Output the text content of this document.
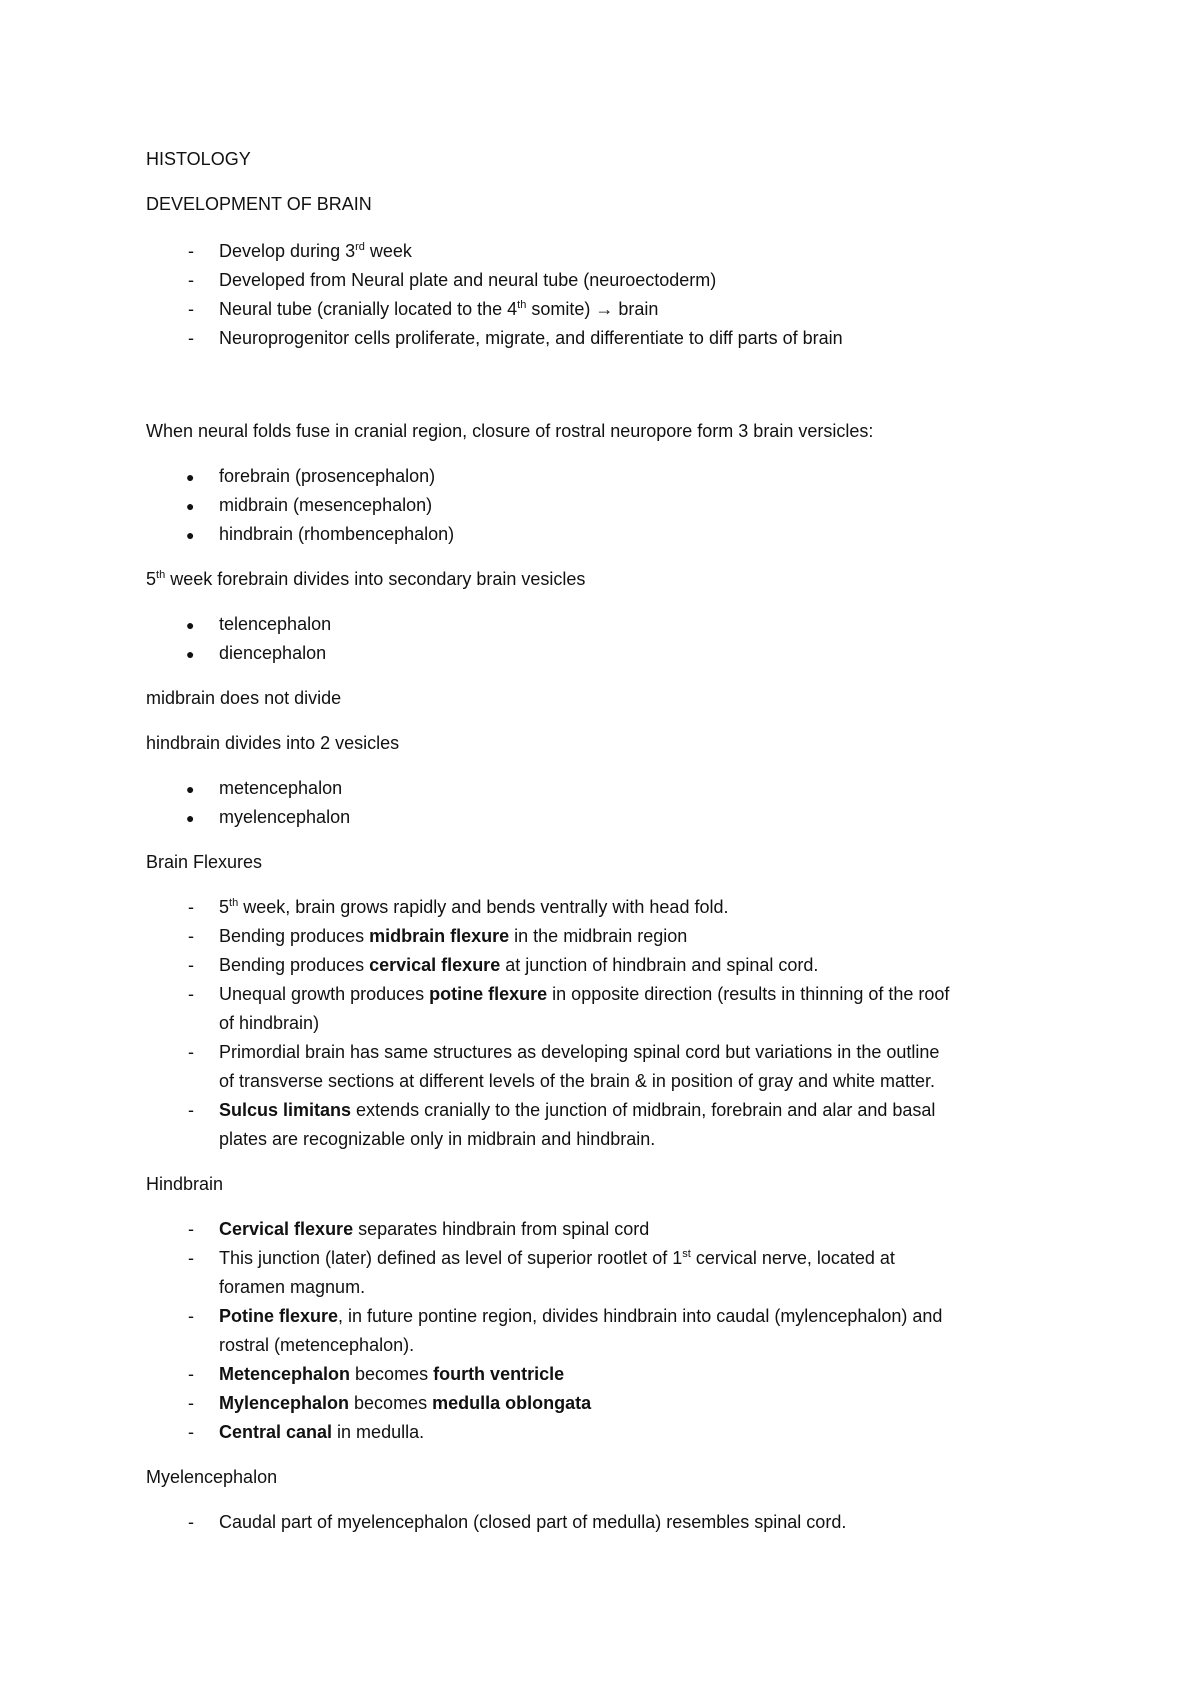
HISTOLOGY
DEVELOPMENT OF BRAIN
- Develop during 3rd week
- Developed from Neural plate and neural tube (neuroectoderm)
- Neural tube (cranially located to the 4th somite) → brain
- Neuroprogenitor cells proliferate, migrate, and differentiate to diff parts of brain
When neural folds fuse in cranial region, closure of rostral neuropore form 3 brain versicles:
● forebrain (prosencephalon)
● midbrain (mesencephalon)
● hindbrain (rhombencephalon)
5th week forebrain divides into secondary brain vesicles
● telencephalon
● diencephalon
midbrain does not divide
hindbrain divides into 2 vesicles
● metencephalon
● myelencephalon
Brain Flexures
- 5th week, brain grows rapidly and bends ventrally with head fold.
- Bending produces midbrain flexure in the midbrain region
- Bending produces cervical flexure at junction of hindbrain and spinal cord.
- Unequal growth produces potine flexure in opposite direction (results in thinning of the roof
of hindbrain)
- Primordial brain has same structures as developing spinal cord but variations in the outline
of transverse sections at different levels of the brain & in position of gray and white matter.
- Sulcus limitans extends cranially to the junction of midbrain, forebrain and alar and basal
plates are recognizable only in midbrain and hindbrain.
Hindbrain
- Cervical flexure separates hindbrain from spinal cord
- This junction (later) defined as level of superior rootlet of 1st cervical nerve, located at
foramen magnum.
- Potine flexure, in future pontine region, divides hindbrain into caudal (mylencephalon) and
rostral (metencephalon).
- Metencephalon becomes fourth ventricle
- Mylencephalon becomes medulla oblongata
- Central canal in medulla.
Myelencephalon
- Caudal part of myelencephalon (closed part of medulla) resembles spinal cord.
